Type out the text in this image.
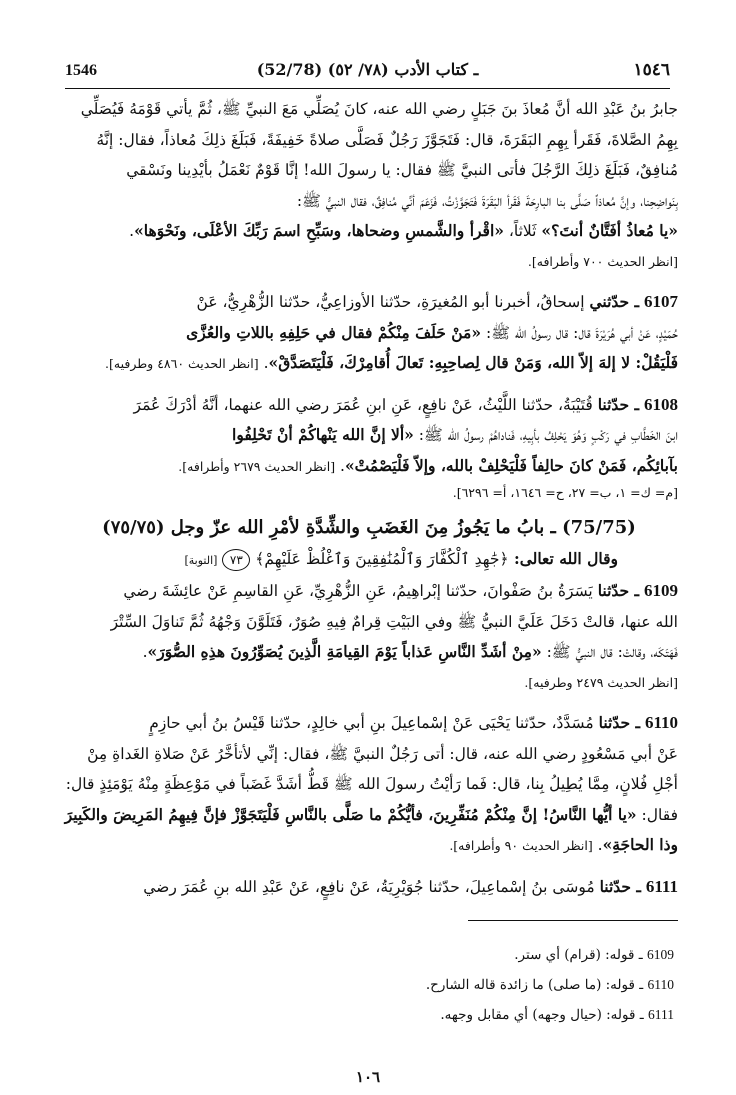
1546	(52/78) ـ كتاب الأدب (٧٨/ ٥٢)	١٥٤٦

جابرُ بنُ عَبْدِ الله أنَّ مُعاذَ بنَ جَبَلٍ رضي الله عنه، كانَ يُصَلِّي مَعَ النبيِّ ﷺ، ثُمَّ يأتي قَوْمَهُ فَيُصَلِّي

بِهِمُ الصَّلاةَ، فَقَرأ بِهِمِ البَقَرَةَ، قال: فَتَجَوَّزَ رَجُلٌ فَصَلَّى صلاةً خَفِيفَةً، فَبَلَغَ ذلِكَ مُعاذاً، فقال: إنَّهُ

مُنافِقٌ، فَبَلَغَ ذلِكَ الرَّجُلَ فأتى النبيَّ ﷺ فقال: يا رسولَ الله! إنَّا قَوْمٌ نَعْمَلُ بأيْدِينا ونَسْقي

بِنَواضِحِنا، وإنَّ مُعاذاً صَلَّى بنا البارِحَةَ فَقَرأ البَقَرَةَ فَتَجَوَّزْتُ، فَزَعَمَ أنِّي مُنافِقٌ، فقال النبيُّ ﷺ:

«يا مُعاذُ أفَتَّانٌ أنتَ؟» ثَلاثاً، «اقْرأ والشَّمسِ وضحاها، وسَبِّحِ اسمَ رَبِّكَ الأعْلَى، ونَحْوَها».

[انظر الحديث ٧٠٠ وأطرافه].

6107 ـ حدّثني إسحاقُ، أخبرنا أبو المُغيرَةِ، حدّثنا الأوزاعِيُّ، حدّثنا الزُّهْرِيُّ، عَنْ

حُمَيْدٍ، عَنْ أبي هُرَيْرَةَ قال: قال رسولُ الله ﷺ: «مَنْ حَلَفَ مِنْكُمْ فقال في حَلِفِهِ باللاتِ والعُزَّى

فَلْيَقُلْ: لا إلهَ إلاّ الله، وَمَنْ قال لِصاحِبِهِ: تَعالَ أُقامِرْكَ، فَلْيَتَصَدَّقْ». [انظر الحديث ٤٨٦٠ وطرفيه].

6108 ـ حدّثنا قُتَيْبَةُ، حدّثنا اللَّيْثُ، عَنْ نافِعٍ، عَنِ ابنِ عُمَرَ رضي الله عنهما، أنَّهُ أدْرَكَ عُمَرَ

ابنَ الخَطَّابِ في رَكْبٍ وَهُوَ يَحْلِفُ بأبِيهِ، فَناداهُمْ رسولُ الله ﷺ: «ألا إنَّ الله يَنْهاكُمْ أنْ تَحْلِفُوا

بآبائِكُم، فَمَنْ كانَ حالِفاً فَلْيَحْلِفْ بالله، وإلاّ فَلْيَصْمُتْ». [انظر الحديث ٢٦٧٩ وأطرافه].

[م= ك= ١، ب= ٢٧، ح= ١٦٤٦، أ= ٦٢٩٦].

(75/75) ـ بابُ ما يَجُوزُ مِنَ الغَضَبِ والشِّدَّةِ لأمْرِ الله عزّ وجل (٧٥/٧٥)
وقال الله تعالى: ﴿جَٰهِدِ ٱلْكُفَّارَ وَٱلْمُنَٰفِقِينَ وَٱغْلُظْ عَلَيْهِمْ﴾ ٧٣ [التوبة]

6109 ـ حدّثنا يَسَرَةُ بنُ صَفْوانَ، حدّثنا إبْراهِيمُ، عَنِ الزُّهْرِيِّ، عَنِ القاسِمِ عَنْ عائِشَةَ رضي

الله عنها، قالتْ دَخَلَ عَلَيَّ النبيُّ ﷺ وفي البَيْتِ قِرامٌ فِيهِ صُوَرٌ، فَتَلَوَّنَ وَجْهُهُ ثُمَّ تَناوَلَ السِّتْرَ

فَهَتَكَه، وقالتْ: قال النبيُّ ﷺ: «مِنْ أشَدِّ النَّاسِ عَذاباً يَوْمَ القِيامَةِ الَّذِينَ يُصَوِّرُونَ هذِهِ الصُّوَرَ».

[انظر الحديث ٢٤٧٩ وطرفيه].

6110 ـ حدّثنا مُسَدَّدٌ، حدّثنا يَحْيَى عَنْ إسْماعِيلَ بنِ أبي خالِدٍ، حدّثنا قَيْسُ بنُ أبي حازِمٍ

عَنْ أبي مَسْعُودٍ رضي الله عنه، قال: أتى رَجُلٌ النبيَّ ﷺ، فقال: إنِّي لأتأخَّرُ عَنْ صَلاةِ الغَداةِ مِنْ

أجْلِ فُلانٍ، مِمَّا يُطِيلُ بِنا، قال: فَما رَأيْتُ رسولَ الله ﷺ قَطُّ أشَدَّ غَضَباً في مَوْعِظَةٍ مِنْهُ يَوْمَئِذٍ قال:

فقال: «يا أيُّها النَّاسُ! إنَّ مِنْكُمْ مُنَفِّرِينَ، فأيُّكُمْ ما صَلَّى بالنَّاسِ فَلْيَتَجَوَّزْ فإنَّ فِيهِمُ المَرِيضَ والكَبِيرَ

وذا الحاجَةِ». [انظر الحديث ٩٠ وأطرافه].

6111 ـ حدّثنا مُوسَى بنُ إسْماعِيلَ، حدّثنا جُوَيْرِيَةُ، عَنْ نافِعٍ، عَنْ عَبْدِ الله بنِ عُمَرَ رضي

6109 ـ قوله: (قرام) أي ستر.
6110 ـ قوله: (ما صلى) ما زائدة قاله الشارح.
6111 ـ قوله: (حيال وجهه) أي مقابل وجهه.
١٠٦
